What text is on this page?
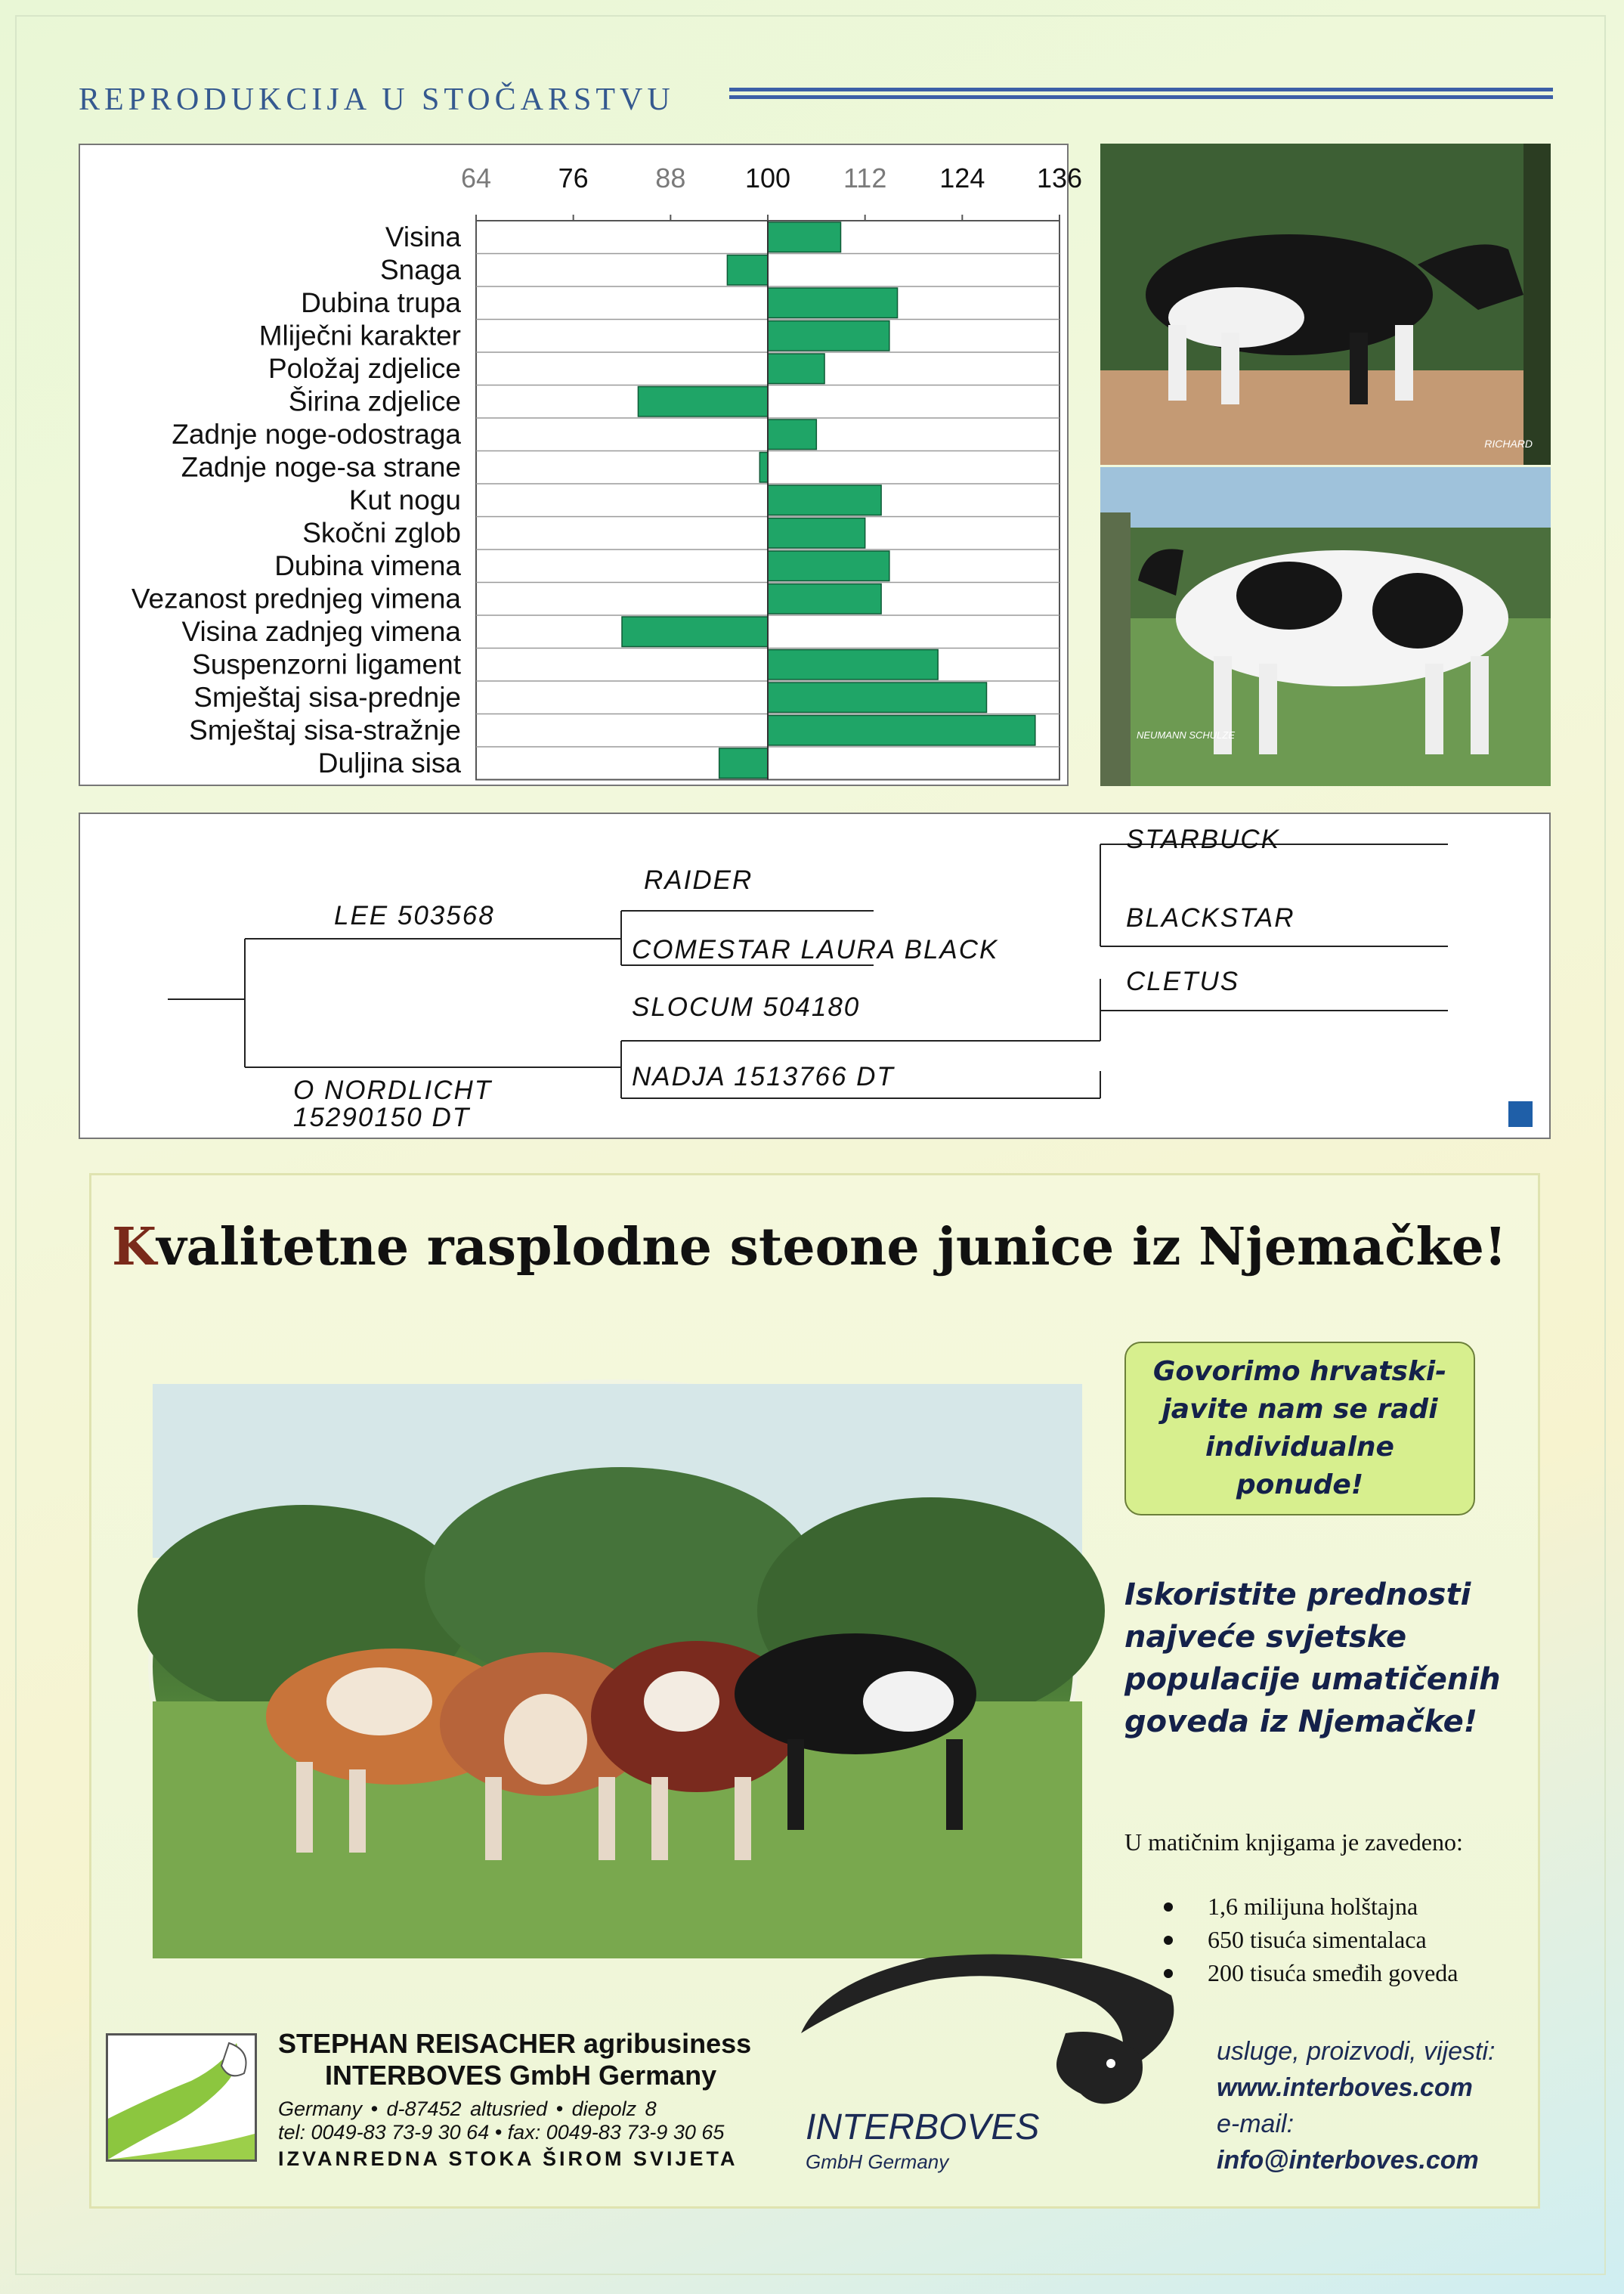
REPRODUKCIJA U STOČARSTVU
64 76 88 100 112 124 136
Visina
Snaga
Dubina trupa
Mliječni karakter
Položaj zdjelice
Širina zdjelice
Zadnje noge-odostraga
Zadnje noge-sa strane
Kut nogu
Skočni zglob
Dubina vimena
Vezanost prednjeg vimena
Visina zadnjeg vimena
Suspenzorni ligament
Smještaj sisa-prednje
Smještaj sisa-stražnje
Duljina sisa
RICHARD
NEUMANN SCHULZE
LEE 503568
O NORDLICHT
15290150 DT
RAIDER
COMESTAR LAURA BLACK
SLOCUM 504180
NADJA 1513766 DT
STARBUCK
BLACKSTAR
CLETUS
Kvalitetne rasplodne steone junice iz Njemačke!
Govorimo hrvatski- javite nam se radi individualne ponude!
Iskoristite prednosti najveće svjetske populacije umatičenih goveda iz Njemačke!
U matičnim knjigama je zavedeno:
1,6 milijuna holštajna
650 tisuća simentalaca
200 tisuća smeđih goveda
STEPHAN REISACHER agribusiness
INTERBOVES GmbH Germany
Germany • d-87452 altusried • diepolz 8
tel: 0049-83 73-9 30 64 • fax: 0049-83 73-9 30 65
IZVANREDNA STOKA ŠIROM SVIJETA
INTERBOVES
GmbH Germany
usluge, proizvodi, vijesti:
www.interboves.com
e-mail:
info@interboves.com
